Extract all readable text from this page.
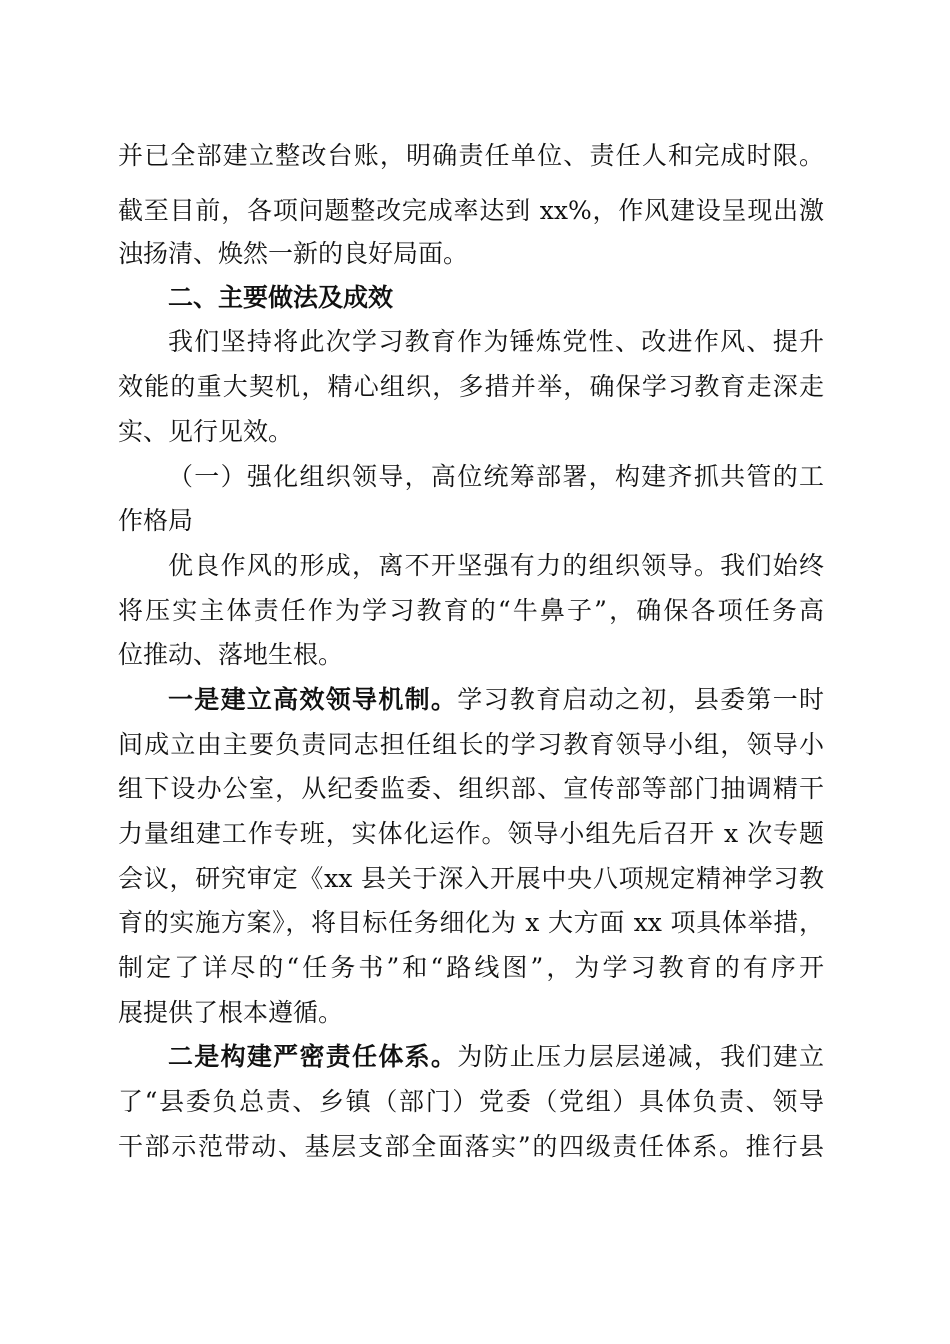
并已全部建立整改台账，明确责任单位、责任人和完成时限。
截至目前，各项问题整改完成率达到 xx%，作风建设呈现出激
浊扬清、焕然一新的良好局面。
二、主要做法及成效
我们坚持将此次学习教育作为锤炼党性、改进作风、提升
效能的重大契机，精心组织，多措并举，确保学习教育走深走
实、见行见效。
（一）强化组织领导，高位统筹部署，构建齐抓共管的工
作格局
优良作风的形成，离不开坚强有力的组织领导。我们始终
将压实主体责任作为学习教育的“牛鼻子”，确保各项任务高
位推动、落地生根。
一是建立高效领导机制。学习教育启动之初，县委第一时
间成立由主要负责同志担任组长的学习教育领导小组，领导小
组下设办公室，从纪委监委、组织部、宣传部等部门抽调精干
力量组建工作专班，实体化运作。领导小组先后召开 x 次专题
会议，研究审定《xx 县关于深入开展中央八项规定精神学习教
育的实施方案》，将目标任务细化为 x 大方面 xx 项具体举措，
制定了详尽的“任务书”和“路线图”，为学习教育的有序开
展提供了根本遵循。
二是构建严密责任体系。为防止压力层层递减，我们建立
了“县委负总责、乡镇（部门）党委（党组）具体负责、领导
干部示范带动、基层支部全面落实”的四级责任体系。推行县
